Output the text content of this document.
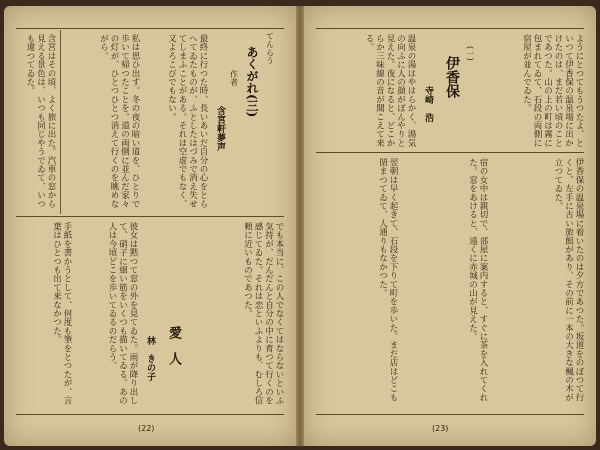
てんらう
あくがれ(三)
作者
含宮軒夢声
最終に行つた時、長いあいだ自分の心をとらへてゐたものが、ふとしたはづみで消え失せてしまふことがある。それは空虚でもなく、又よろこびでもない。
私は思ひ出す。冬の夜の暗い道を、ひとりで歩いて帰つたことを。道の両側に並んだ家々の灯が、ひとつひとつ消えて行くのを眺めながら。
含宮はその頃、よく旅に出た。汽車の窓から見える景色は、いつも同じやうでゐて、いつも違つてゐた。
でも本当に、この人でなくてはならないといふ気持が、だんだんと自分の中に育つて行くのを感じてゐた。それは恋といふよりも、むしろ信頼に近いものであつた。
愛　人
林　きの子
彼女は黙つて窓の外を見てゐた。雨が降り出して、硝子に細い筋をいくつも描いてゐる。あの人は今頃どこを歩いてゐるのだらう。
手紙を書かうとして、何度も筆をとつたが、言葉はひとつも出て来なかつた。
(22)
ようにとつてもうつたよ、といつて伊香保の温泉場に出かけたのは、まだ若い頃のことであつた。山の上の町は霧に包まれてゐて、石段の両側に宿屋が並んでゐた。
(一)
伊香保
寺崎　浩
温泉の湯はやはらかく、湯気の向ふに人の顔がぼんやりと見えた。夜になると、どこからか三味線の音が聞こえて来る。
伊香保の温泉場に着いたのは夕方であつた。坂道をのぼつて行くと、左手に古い旅館があり、その前に一本の大きな楓の木が立つてゐた。
宿の女中は親切で、部屋に案内すると、すぐに茶を入れてくれた。窓をあけると、遠くに赤城の山が見えた。
翌朝は早く起きて、石段を下りて町を歩いた。まだ店はどこも閉まつてゐて、人通りもなかつた。
(23)
